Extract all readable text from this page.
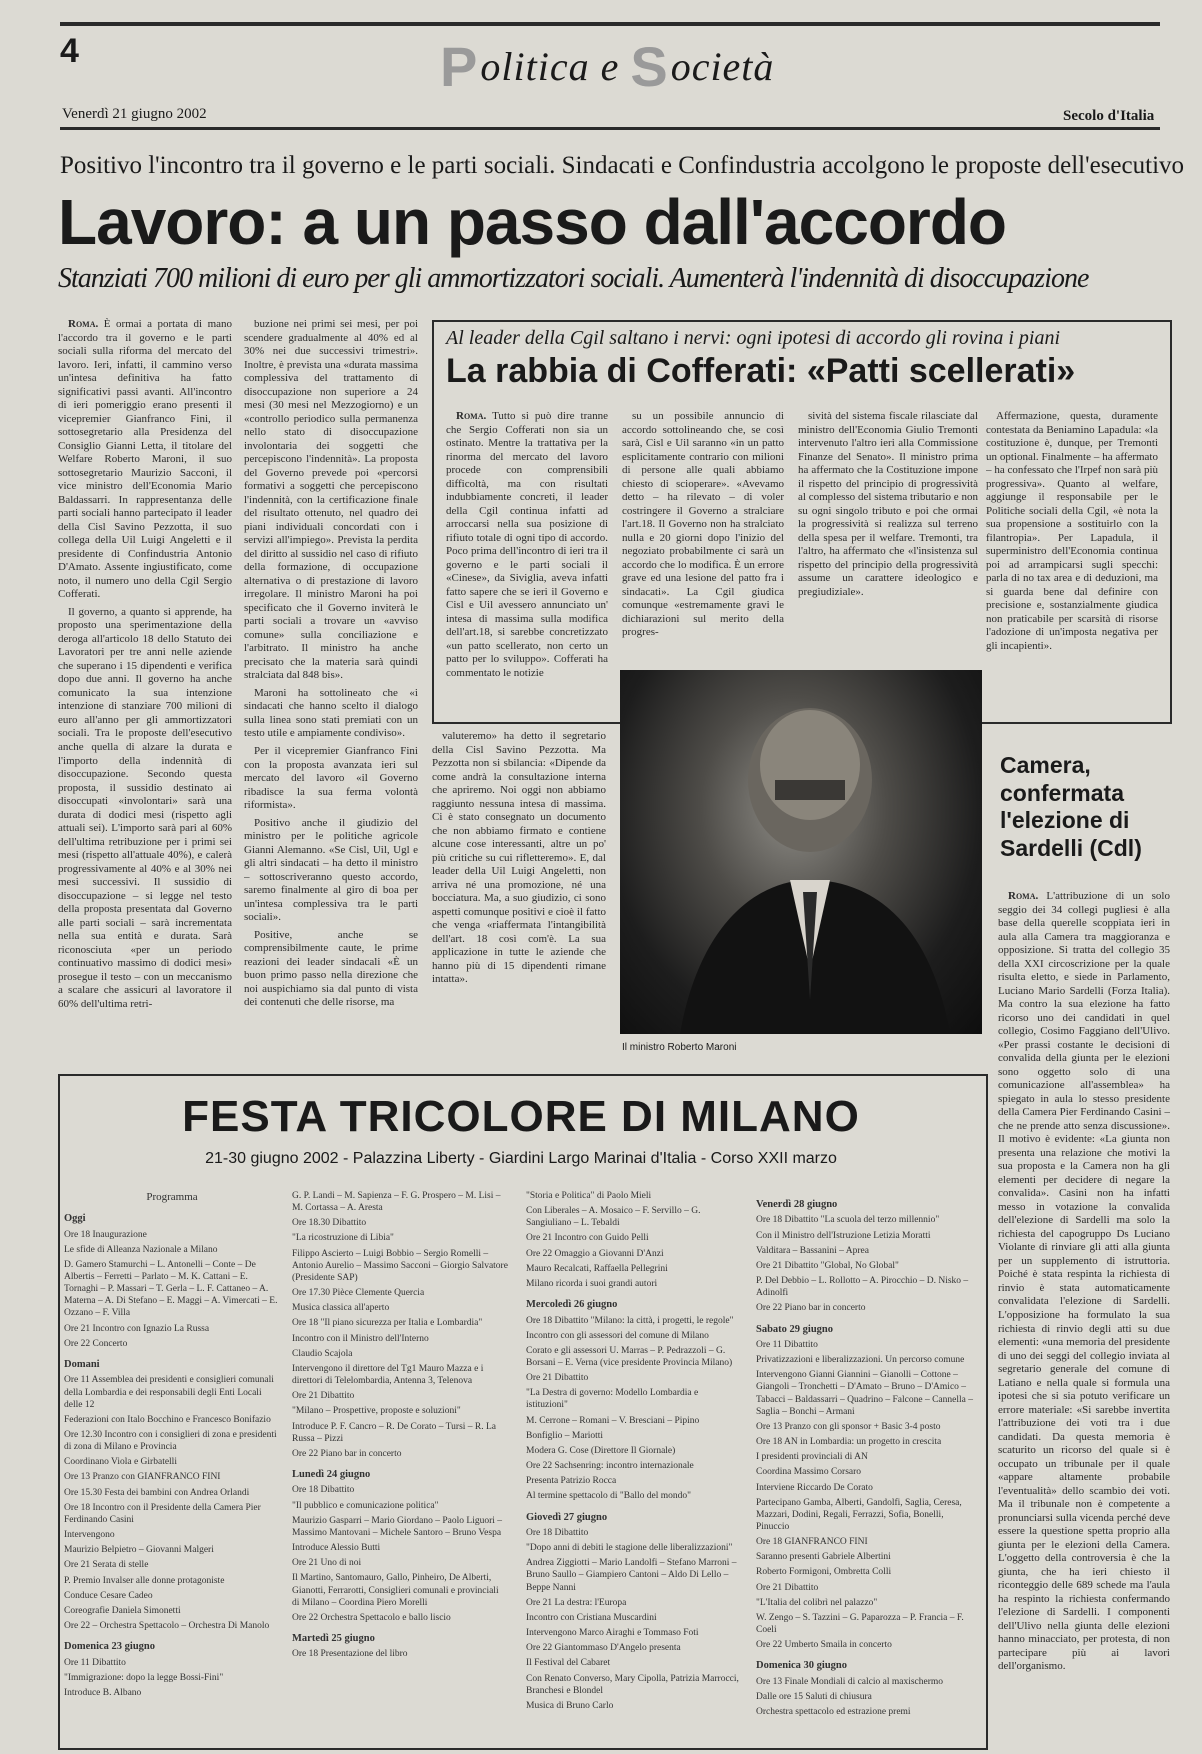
4	Politica e Società
Venerdì 21 giugno 2002	Secolo d'Italia
Positivo l'incontro tra il governo e le parti sociali. Sindacati e Confindustria accolgono le proposte dell'esecutivo
Lavoro: a un passo dall'accordo
Stanziati 700 milioni di euro per gli ammortizzatori sociali. Aumenterà l'indennità di disoccupazione

Roma. È ormai a portata di mano l'accordo tra il governo e le parti sociali sulla riforma del mercato del lavoro. Ieri, infatti, il cammino verso un'intesa definitiva ha fatto significativi passi avanti. All'incontro di ieri pomeriggio erano presenti il vicepremier Gianfranco Fini, il sottosegretario alla Presidenza del Consiglio Gianni Letta, il titolare del Welfare Roberto Maroni, il suo sottosegretario Maurizio Sacconi, il vice ministro dell'Economia Mario Baldassarri. In rappresentanza delle parti sociali hanno partecipato il leader della Cisl Savino Pezzotta, il suo collega della Uil Luigi Angeletti e il presidente di Confindustria Antonio D'Amato. Assente ingiustificato, come noto, il numero uno della Cgil Sergio Cofferati.

Il governo, a quanto si apprende, ha proposto una sperimentazione della deroga all'articolo 18 dello Statuto dei Lavoratori per tre anni nelle aziende che superano i 15 dipendenti e verifica dopo due anni. Il governo ha anche comunicato la sua intenzione intenzione di stanziare 700 milioni di euro all'anno per gli ammortizzatori sociali. Tra le proposte dell'esecutivo anche quella di alzare la durata e l'importo della indennità di disoccupazione. Secondo questa proposta, il sussidio destinato ai disoccupati «involontari» sarà una durata di dodici mesi (rispetto agli attuali sei). L'importo sarà pari al 60% dell'ultima retribuzione per i primi sei mesi (rispetto all'attuale 40%), e calerà progressivamente al 40% e al 30% nei mesi successivi. Il sussidio di disoccupazione – si legge nel testo della proposta presentata dal Governo alle parti sociali – sarà incrementata nella sua entità e durata. Sarà riconosciuta «per un periodo continuativo massimo di dodici mesi» prosegue il testo – con un meccanismo a scalare che assicuri al lavoratore il 60% dell'ultima retri-

buzione nei primi sei mesi, per poi scendere gradualmente al 40% ed al 30% nei due successivi trimestri». Inoltre, è prevista una «durata massima complessiva del trattamento di disoccupazione non superiore a 24 mesi (30 mesi nel Mezzogiorno) e un «controllo periodico sulla permanenza nello stato di disoccupazione involontaria dei soggetti che percepiscono l'indennità». La proposta del Governo prevede poi «percorsi formativi a soggetti che percepiscono l'indennità, con la certificazione finale del risultato ottenuto, nel quadro dei piani individuali concordati con i servizi all'impiego». Prevista la perdita del diritto al sussidio nel caso di rifiuto della formazione, di occupazione alternativa o di prestazione di lavoro irregolare. Il ministro Maroni ha poi specificato che il Governo inviterà le parti sociali a trovare un «avviso comune» sulla conciliazione e l'arbitrato. Il ministro ha anche precisato che la materia sarà quindi stralciata dal 848 bis».

Maroni ha sottolineato che «i sindacati che hanno scelto il dialogo sulla linea sono stati premiati con un testo utile e ampiamente condiviso».

Per il vicepremier Gianfranco Fini con la proposta avanzata ieri sul mercato del lavoro «il Governo ribadisce la sua ferma volontà riformista».

Positivo anche il giudizio del ministro per le politiche agricole Gianni Alemanno. «Se Cisl, Uil, Ugl e gli altri sindacati – ha detto il ministro – sottoscriveranno questo accordo, saremo finalmente al giro di boa per un'intesa complessiva tra le parti sociali».

Positive, anche se comprensibilmente caute, le prime reazioni dei leader sindacali «È un buon primo passo nella direzione che noi auspichiamo sia dal punto di vista dei contenuti che delle risorse, ma

Al leader della Cgil saltano i nervi: ogni ipotesi di accordo gli rovina i piani
La rabbia di Cofferati: «Patti scellerati»

Roma. Tutto si può dire tranne che Sergio Cofferati non sia un ostinato. Mentre la trattativa per la rinorma del mercato del lavoro procede con comprensibili difficoltà, ma con risultati indubbiamente concreti, il leader della Cgil continua infatti ad arroccarsi nella sua posizione di rifiuto totale di ogni tipo di accordo. Poco prima dell'incontro di ieri tra il governo e le parti sociali il «Cinese», da Siviglia, aveva infatti fatto sapere che se ieri il Governo e Cisl e Uil avessero annunciato un' intesa di massima sulla modifica dell'art.18, si sarebbe concretizzato «un patto scellerato, non certo un patto per lo sviluppo». Cofferati ha commentato le notizie

su un possibile annuncio di accordo sottolineando che, se così sarà, Cisl e Uil saranno «in un patto esplicitamente contrario con milioni di persone alle quali abbiamo chiesto di scioperare». «Avevamo detto – ha rilevato – di voler costringere il Governo a stralciare l'art.18. Il Governo non ha stralciato nulla e 20 giorni dopo l'inizio del negoziato probabilmente ci sarà un accordo che lo modifica. È un errore grave ed una lesione del patto fra i sindacati». La Cgil giudica comunque «estremamente gravi le dichiarazioni sul merito della progres-

sività del sistema fiscale rilasciate dal ministro dell'Economia Giulio Tremonti intervenuto l'altro ieri alla Commissione Finanze del Senato». Il ministro prima ha affermato che la Costituzione impone il rispetto del principio di progressività al complesso del sistema tributario e non su ogni singolo tributo e poi che ormai la progressività si realizza sul terreno della spesa per il welfare. Tremonti, tra l'altro, ha affermato che «l'insistenza sul rispetto del principio della progressività assume un carattere ideologico e pregiudiziale».

Affermazione, questa, duramente contestata da Beniamino Lapadula: «la costituzione è, dunque, per Tremonti un optional. Finalmente – ha affermato – ha confessato che l'Irpef non sarà più progressiva». Quanto al welfare, aggiunge il responsabile per le Politiche sociali della Cgil, «è nota la sua propensione a sostituirlo con la filantropia». Per Lapadula, il superministro dell'Economia continua poi ad arrampicarsi sugli specchi: parla di no tax area e di deduzioni, ma si guarda bene dal definire con precisione e, sostanzialmente giudica non praticabile per scarsità di risorse l'adozione di un'imposta negativa per gli incapienti».

valuteremo» ha detto il segretario della Cisl Savino Pezzotta. Ma Pezzotta non si sbilancia: «Dipende da come andrà la consultazione interna che apriremo. Noi oggi non abbiamo raggiunto nessuna intesa di massima. Ci è stato consegnato un documento che non abbiamo firmato e contiene alcune cose interessanti, altre un po' più critiche su cui rifletteremo». E, dal leader della Uil Luigi Angeletti, non arriva né una promozione, né una bocciatura. Ma, a suo giudizio, ci sono aspetti comunque positivi e cioè il fatto che venga «riaffermata l'intangibilità dell'art. 18 così com'è. La sua applicazione in tutte le aziende che hanno più di 15 dipendenti rimane intatta».

Il ministro Roberto Maroni
Camera, confermata l'elezione di Sardelli (Cdl)

Roma. L'attribuzione di un solo seggio dei 34 collegi pugliesi è alla base della querelle scoppiata ieri in aula alla Camera tra maggioranza e opposizione. Si tratta del collegio 35 della XXI circoscrizione per la quale risulta eletto, e siede in Parlamento, Luciano Mario Sardelli (Forza Italia). Ma contro la sua elezione ha fatto ricorso uno dei candidati in quel collegio, Cosimo Faggiano dell'Ulivo. «Per prassi costante le decisioni di convalida della giunta per le elezioni sono oggetto solo di una comunicazione all'assemblea» ha spiegato in aula lo stesso presidente della Camera Pier Ferdinando Casini – che ne prende atto senza discussione». Il motivo è evidente: «La giunta non presenta una relazione che motivi la sua proposta e la Camera non ha gli elementi per decidere di negare la convalida». Casini non ha infatti messo in votazione la convalida dell'elezione di Sardelli ma solo la richiesta del capogruppo Ds Luciano Violante di rinviare gli atti alla giunta per un supplemento di istruttoria. Poiché è stata respinta la richiesta di rinvio è stata automaticamente convalidata l'elezione di Sardelli. L'opposizione ha formulato la sua richiesta di rinvio degli atti su due elementi: «una memoria del presidente di uno dei seggi del collegio inviata al segretario generale del comune di Latiano e nella quale si formula una ipotesi che si sia potuto verificare un errore materiale: «Si sarebbe invertita l'attribuzione dei voti tra i due candidati. Da questa memoria è scaturito un ricorso del quale si è occupato un tribunale per il quale «appare altamente probabile l'eventualità» dello scambio dei voti. Ma il tribunale non è competente a pronunciarsi sulla vicenda perché deve essere la questione spetta proprio alla giunta per le elezioni della Camera. L'oggetto della controversia è che la giunta, che ha ieri chiesto il riconteggio delle 689 schede ma l'aula ha respinto la richiesta confermando l'elezione di Sardelli. I componenti dell'Ulivo nella giunta delle elezioni hanno minacciato, per protesta, di non partecipare più ai lavori dell'organismo.

FESTA TRICOLORE DI MILANO
21-30 giugno 2002 - Palazzina Liberty - Giardini Largo Marinai d'Italia - Corso XXII marzo
Programma
Oggi
Ore 18 Inaugurazione
Le sfide di Alleanza Nazionale a Milano
D. Gamero Stamurchi – L. Antonelli – Conte – De Albertis – Ferretti – Parlato – M. K. Cattani – E. Tornaghi – P. Massari – T. Gerla – L. F. Cattaneo – A. Materna – A. Di Stefano – E. Maggi – A. Vimercati – E. Ozzano – F. Villa
Ore 21 Incontro con Ignazio La Russa
Ore 22 Concerto
Domani
Ore 11 Assemblea dei presidenti e consiglieri comunali della Lombardia e dei responsabili degli Enti Locali delle 12
Federazioni con Italo Bocchino e Francesco Bonifazio
Ore 12.30 Incontro con i consiglieri di zona e presidenti di zona di Milano e Provincia
Coordinano Viola e Girbatelli
Ore 13 Pranzo con GIANFRANCO FINI
Ore 15.30 Festa dei bambini con Andrea Orlandi
Ore 18 Incontro con il Presidente della Camera Pier Ferdinando Casini
Intervengono
Maurizio Belpietro – Giovanni Malgeri
Ore 21 Serata di stelle
P. Premio Invalser alle donne protagoniste
Conduce Cesare Cadeo
Coreografie Daniela Simonetti
Ore 22 – Orchestra Spettacolo – Orchestra Di Manolo
Domenica 23 giugno
Ore 11 Dibattito
"Immigrazione: dopo la legge Bossi-Fini"
Introduce B. Albano
G. P. Landi – M. Sapienza – F. G. Prospero – M. Lisi – M. Cortassa – A. Aresta
Ore 18.30 Dibattito
"La ricostruzione di Libia"
Filippo Ascierto – Luigi Bobbio – Sergio Romelli – Antonio Aurelio – Massimo Sacconi – Giorgio Salvatore (Presidente SAP)
Ore 17.30 Pièce Clemente Quercia
Musica classica all'aperto
Ore 18 "Il piano sicurezza per Italia e Lombardia"
Incontro con il Ministro dell'Interno
Claudio Scajola
Intervengono il direttore del Tg1 Mauro Mazza e i direttori di Telelombardia, Antenna 3, Telenova
Ore 21 Dibattito
"Milano – Prospettive, proposte e soluzioni"
Introduce P. F. Cancro – R. De Corato – Tursi – R. La Russa – Pizzi
Ore 22 Piano bar in concerto
Lunedì 24 giugno
Ore 18 Dibattito
"Il pubblico e comunicazione politica"
Maurizio Gasparri – Mario Giordano – Paolo Liguori – Massimo Mantovani – Michele Santoro – Bruno Vespa
Introduce Alessio Butti
Ore 21 Uno di noi
Il Martino, Santomauro, Gallo, Pinheiro, De Alberti, Gianotti, Ferrarotti, Consiglieri comunali e provinciali di Milano – Coordina Piero Morelli
Ore 22 Orchestra Spettacolo e ballo liscio
Martedì 25 giugno
Ore 18 Presentazione del libro
"Storia e Politica" di Paolo Mieli
Con Liberales – A. Mosaico – F. Servillo – G. Sangiuliano – L. Tebaldi
Ore 21 Incontro con Guido Pelli
Ore 22 Omaggio a Giovanni D'Anzi
Mauro Recalcati, Raffaella Pellegrini
Milano ricorda i suoi grandi autori
Mercoledì 26 giugno
Ore 18 Dibattito "Milano: la città, i progetti, le regole"
Incontro con gli assessori del comune di Milano
Corato e gli assessori U. Marras – P. Pedrazzoli – G. Borsani – E. Verna (vice presidente Provincia Milano)
Ore 21 Dibattito
"La Destra di governo: Modello Lombardia e istituzioni"
M. Cerrone – Romani – V. Bresciani – Pipino
Bonfiglio – Mariotti
Modera G. Cose (Direttore Il Giornale)
Ore 22 Sachsenring: incontro internazionale
Presenta Patrizio Rocca
Al termine spettacolo di "Ballo del mondo"
Giovedì 27 giugno
Ore 18 Dibattito
"Dopo anni di debiti le stagione delle liberalizzazioni"
Andrea Ziggiotti – Mario Landolfi – Stefano Marroni – Bruno Saullo – Giampiero Cantoni – Aldo Di Lello – Beppe Nanni
Ore 21 La destra: l'Europa
Incontro con Cristiana Muscardini
Intervengono Marco Airaghi e Tommaso Foti
Ore 22 Giantommaso D'Angelo presenta
Il Festival del Cabaret
Con Renato Converso, Mary Cipolla, Patrizia Marrocci, Branchesi e Blondel
Musica di Bruno Carlo
Venerdì 28 giugno
Ore 18 Dibattito "La scuola del terzo millennio"
Con il Ministro dell'Istruzione Letizia Moratti
Valditara – Bassanini – Aprea
Ore 21 Dibattito "Global, No Global"
P. Del Debbio – L. Rollotto – A. Pirocchio – D. Nisko – Adinolfi
Ore 22 Piano bar in concerto
Sabato 29 giugno
Ore 11 Dibattito
Privatizzazioni e liberalizzazioni. Un percorso comune
Intervengono Gianni Giannini – Gianolli – Cottone – Giangoli – Tronchetti – D'Amato – Bruno – D'Amico – Tabacci – Baldassarri – Quadrino – Falcone – Cannella – Saglia – Bonchi – Armani
Ore 13 Pranzo con gli sponsor + Basic 3-4 posto
Ore 18 AN in Lombardia: un progetto in crescita
I presidenti provinciali di AN
Coordina Massimo Corsaro
Interviene Riccardo De Corato
Partecipano Gamba, Alberti, Gandolfi, Saglia, Ceresa, Mazzari, Dodini, Regali, Ferrazzi, Sofia, Bonelli, Pinuccio
Ore 18 GIANFRANCO FINI
Saranno presenti Gabriele Albertini
Roberto Formigoni, Ombretta Colli
Ore 21 Dibattito
"L'Italia del colibrì nel palazzo"
W. Zengo – S. Tazzini – G. Paparozza – P. Francia – F. Coeli
Ore 22 Umberto Smaila in concerto
Domenica 30 giugno
Ore 13 Finale Mondiali di calcio al maxischermo
Dalle ore 15 Saluti di chiusura
Orchestra spettacolo ed estrazione premi
